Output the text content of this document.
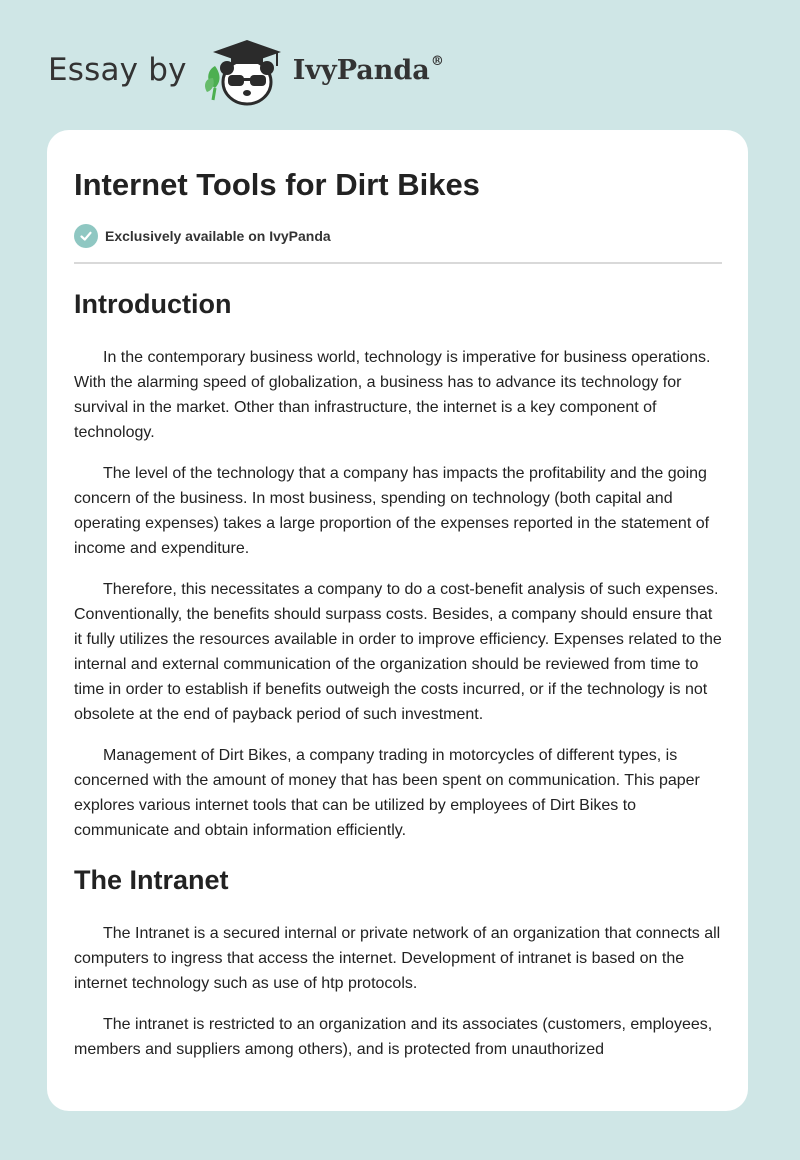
Essay by	IvyPanda®
Internet Tools for Dirt Bikes
Exclusively available on IvyPanda
Introduction

In the contemporary business world, technology is imperative for business operations. With the alarming speed of globalization, a business has to advance its technology for survival in the market. Other than infrastructure, the internet is a key component of technology.

The level of the technology that a company has impacts the profitability and the going concern of the business. In most business, spending on technology (both capital and operating expenses) takes a large proportion of the expenses reported in the statement of income and expenditure.

Therefore, this necessitates a company to do a cost-benefit analysis of such expenses. Conventionally, the benefits should surpass costs. Besides, a company should ensure that it fully utilizes the resources available in order to improve efficiency. Expenses related to the internal and external communication of the organization should be reviewed from time to time in order to establish if benefits outweigh the costs incurred, or if the technology is not obsolete at the end of payback period of such investment.

Management of Dirt Bikes, a company trading in motorcycles of different types, is concerned with the amount of money that has been spent on communication. This paper explores various internet tools that can be utilized by employees of Dirt Bikes to communicate and obtain information efficiently.

The Intranet

The Intranet is a secured internal or private network of an organization that connects all computers to ingress that access the internet. Development of intranet is based on the internet technology such as use of htp protocols.

The intranet is restricted to an organization and its associates (customers, employees, members and suppliers among others), and is protected from unauthorized
